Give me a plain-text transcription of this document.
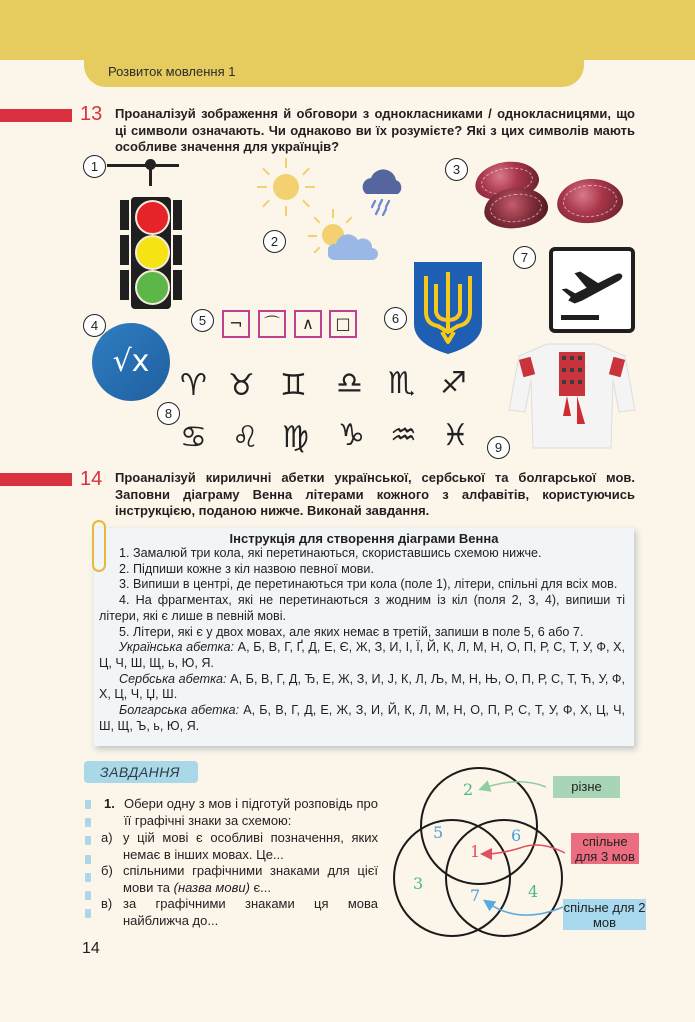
Розвиток мовлення 1
13 Проаналізуй зображення й обговори з однокласниками / однокласницями, що ці символи означають. Чи однаково ви їх розумієте? Які з цих символів мають особливе значення для українців?
1
2
3
7
4
√x
5	¬	⌒	∧	□	6
8
♈ ♉ ♊ ♎ ♏ ♐
♋ ♌ ♍ ♑ ♒ ♓	9
14 Проаналізуй кириличні абетки української, сербської та болгарської мов. Заповни діаграму Венна літерами кожного з алфавітів, користуючись інструкцією, поданою нижче. Виконай завдання.
Інструкція для створення діаграми Венна

1. Замалюй три кола, які перетинаються, скориставшись схемою нижче.

2. Підпиши кожне з кіл назвою певної мови.

3. Випиши в центрі, де перетинаються три кола (поле 1), літери, спільні для всіх мов.

4. На фрагментах, які не перетинаються з жодним із кіл (поля 2, 3, 4), випиши ті літери, які є лише в певній мові.

5. Літери, які є у двох мовах, але яких немає в третій, запиши в поле 5, 6 або 7.

Українська абетка: А, Б, В, Г, Ґ, Д, Е, Є, Ж, З, И, І, Ї, Й, К, Л, М, Н, О, П, Р, С, Т, У, Ф, Х, Ц, Ч, Ш, Щ, ь, Ю, Я.

Сербська абетка: А, Б, В, Г, Д, Ђ, Е, Ж, З, И, Ј, К, Л, Љ, М, Н, Њ, О, П, Р, С, Т, Ћ, У, Ф, Х, Ц, Ч, Џ, Ш.

Болгарська абетка: А, Б, В, Г, Д, Е, Ж, З, И, Й, К, Л, М, Н, О, П, Р, С, Т, У, Ф, Х, Ц, Ч, Ш, Щ, Ъ, ь, Ю, Я.

ЗАВДАННЯ
1. Обери одну з мов і підготуй розповідь про її графічні знаки за схемою:
а) у цій мові є особливі позначення, яких немає в інших мовах. Це...
б) спільними графічними знаками для цієї мови та (назва мови) є...
в) за графічними знаками ця мова найближча до...
2
5	6
1
3	4
7
різне
спільне для 3 мов
спільне для 2 мов
14
